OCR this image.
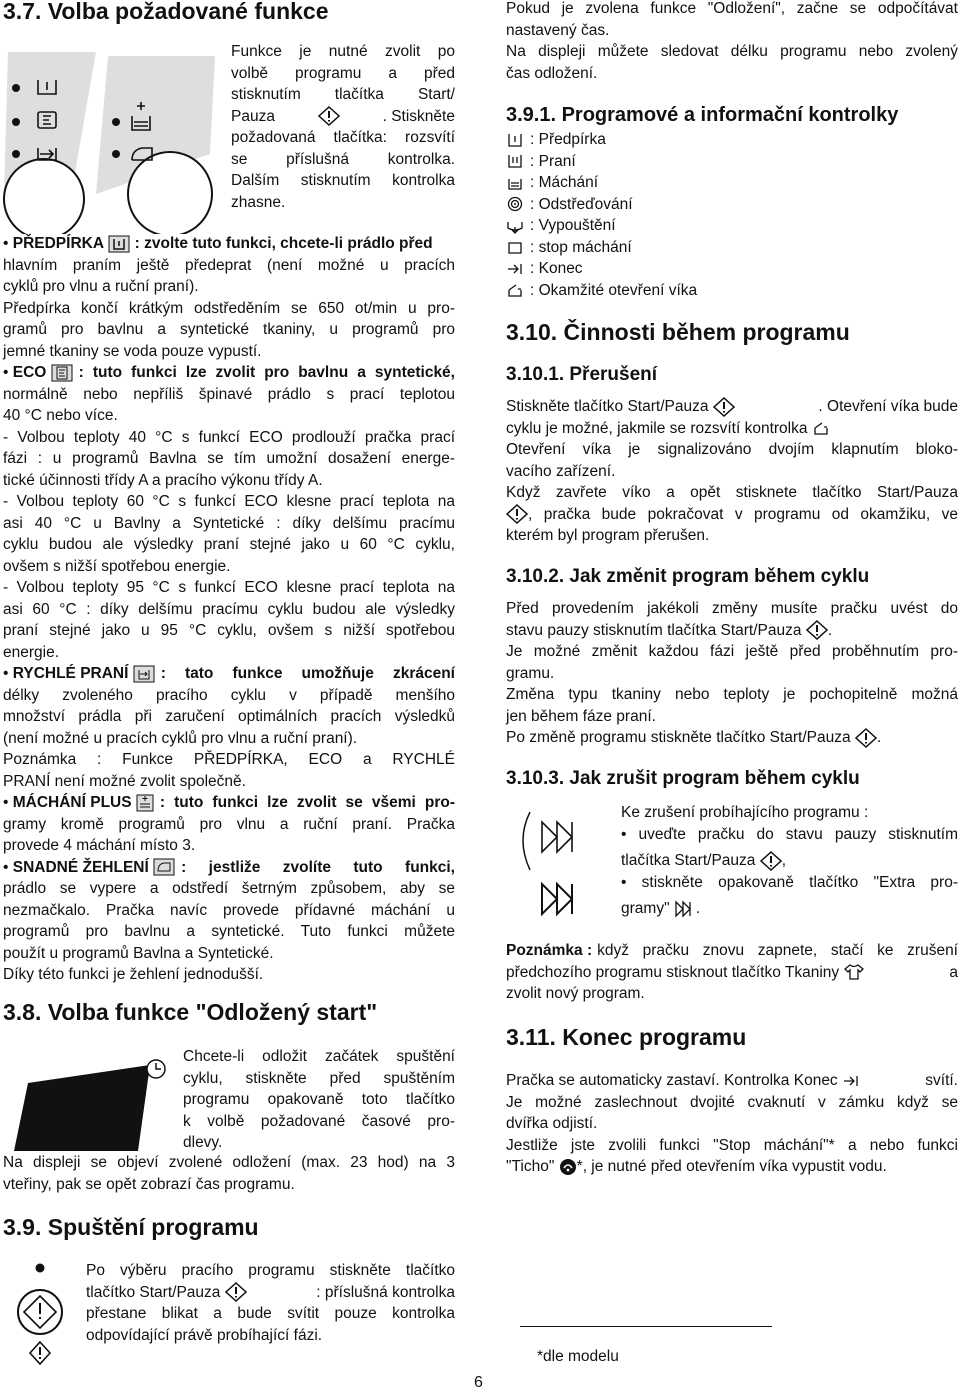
3.7. Volba požadované funkce
Funkce je nutné zvolit po
volbě programu a před
stisknutím tlačítka Start/
Pauza	. Stiskněte
požadovaná tlačítka: rozsvítí
se příslušná kontrolka.
Dalším stisknutím kontrolka
zhasne.
• PŘEDPÍRKA : zvolte tuto funkci, chcete-li prádlo před
hlavním praním ještě předeprat (není možné u pracích
cyklů pro vlnu a ruční praní).
Předpírka končí krátkým odstředěním se 650 ot/min u pro-
gramů pro bavlnu a syntetické tkaniny, u programů pro
jemné tkaniny se voda pouze vypustí.
• ECO	: tuto funkci lze zvolit pro bavlnu a syntetické,
normálně nebo nepříliš špinavé prádlo s prací teplotou
40 °C nebo více.
- Volbou teploty 40 °C s funkcí ECO prodlouží pračka prací
fázi : u programů Bavlna se tím umožní dosažení energe-
tické účinnosti třídy A a pracího výkonu třídy A.
- Volbou teploty 60 °C s funkcí ECO klesne prací teplota na
asi 40 °C u Bavlny a Syntetické : díky delšímu pracímu
cyklu budou ale výsledky praní stejné jako u 60 °C cyklu,
ovšem s nižší spotřebou energie.
- Volbou teploty 95 °C s funkcí ECO klesne prací teplota na
asi 60 °C : díky delšímu pracímu cyklu budou ale výsledky
praní stejné jako u 95 °C cyklu, ovšem s nižší spotřebou
energie.
• RYCHLÉ PRANÍ	: tato funkce umožňuje zkrácení
délky zvoleného pracího cyklu v případě menšího
množství prádla při zaručení optimálních pracích výsledků
(není možné u pracích cyklů pro vlnu a ruční praní).
Poznámka : Funkce PŘEDPÍRKA, ECO a RYCHLÉ
PRANÍ není možné zvolit společně.
• MÁCHÁNÍ PLUS	: tuto funkci lze zvolit se všemi pro-
gramy kromě programů pro vlnu a ruční praní. Pračka
provede 4 máchání místo 3.
• SNADNÉ ŽEHLENÍ	: jestliže zvolíte tuto funkci,
prádlo se vypere a odstředí šetrným způsobem, aby se
nezmačkalo. Pračka navíc provede přídavné máchání u
programů pro bavlnu a syntetické. Tuto funkci můžete
použít u programů Bavlna a Syntetické.
Díky této funkci je žehlení jednodušší.
3.8. Volba funkce "Odložený start"
Chcete-li odložit začátek spuštění
cyklu, stiskněte před spuštěním
programu opakovaně toto tlačítko
k volbě požadované časové pro-
dlevy.
Na displeji se objeví zvolené odložení (max. 23 hod) na 3
vteřiny, pak se opět zobrazí čas programu.
3.9. Spuštění programu
Po výběru pracího programu stiskněte tlačítko
tlačítko Start/Pauza	: příslušná kontrolka
přestane blikat a bude svítit pouze kontrolka
odpovídající právě probíhající fázi.
6
Pokud je zvolena funkce "Odložení", začne se odpočítávat
nastavený čas.
Na displeji můžete sledovat délku programu nebo zvolený
čas odložení.
3.9.1. Programové a informační kontrolky
: Předpírka
: Praní
: Máchání
: Odstřeďování
: Vypouštění
: stop máchání
: Konec
: Okamžité otevření víka
3.10. Činnosti během programu
3.10.1. Přerušení
Stiskněte tlačítko Start/Pauza	. Otevření víka bude
cyklu je možné, jakmile se rozsvítí kontrolka
Otevření víka je signalizováno dvojím klapnutím bloko-
vacího zařízení.
Když zavřete víko a opět stisknete tlačítko Start/Pauza
, pračka bude pokračovat v programu od okamžiku, ve
kterém byl program přerušen.
3.10.2. Jak změnit program během cyklu
Před provedením jakékoli změny musíte pračku uvést do
stavu pauzy stisknutím tlačítka Start/Pauza .
Je možné změnit každou fázi ještě před proběhnutím pro-
gramu.
Změna typu tkaniny nebo teploty je pochopitelně možná
jen během fáze praní.
Po změně programu stiskněte tlačítko Start/Pauza .
3.10.3. Jak zrušit program během cyklu
Ke zrušení probíhajícího programu :
• uveďte pračku do stavu pauzy stisknutím
tlačítka Start/Pauza ,
• stiskněte opakovaně tlačítko "Extra pro-
gramy" .
Poznámka : když pračku znovu zapnete, stačí ke zrušení
předchozího programu stisknout tlačítko Tkaniny	a
zvolit nový program.
3.11. Konec programu
Pračka se automaticky zastaví. Kontrolka Konec	svítí.
Je možné zaslechnout dvojité cvaknutí v zámku když se
dvířka odjistí.
Jestliže jste zvolili funkci "Stop máchání"* a nebo funkci
"Ticho" *, je nutné před otevřením víka vypustit vodu.
*dle modelu
